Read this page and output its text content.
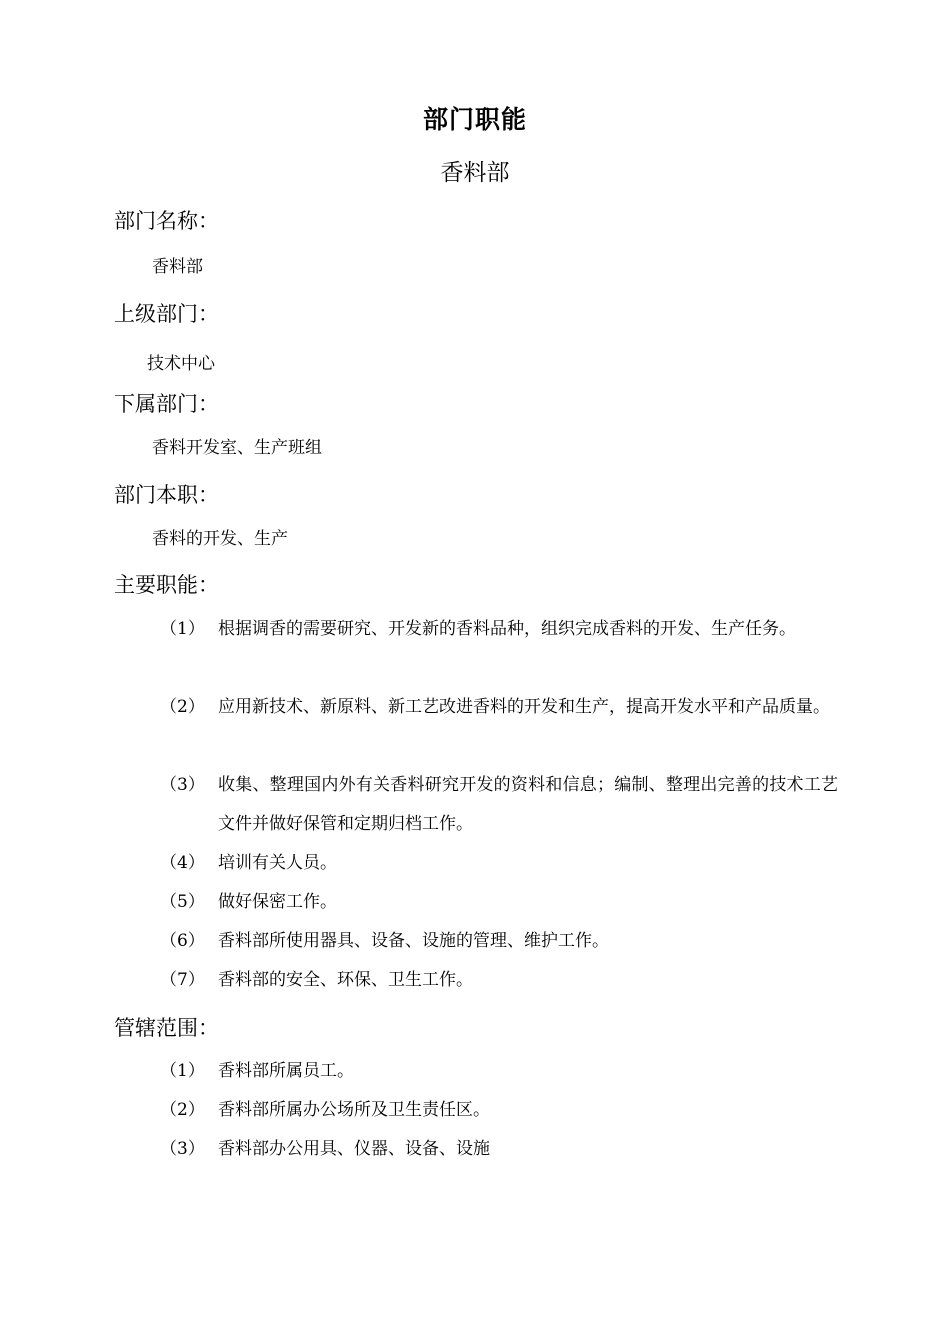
部门职能
香料部
部门名称：

香料部

上级部门：

技术中心

下属部门：

香料开发室、生产班组

部门本职：

香料的开发、生产

主要职能：
（1） 根据调香的需要研究、开发新的香料品种，组织完成香料的开发、生产任务。
（2） 应用新技术、新原料、新工艺改进香料的开发和生产，提高开发水平和产品质量。
（3） 收集、整理国内外有关香料研究开发的资料和信息；编制、整理出完善的技术工艺文件并做好保管和定期归档工作。
（4） 培训有关人员。
（5） 做好保密工作。
（6） 香料部所使用器具、设备、设施的管理、维护工作。
（7） 香料部的安全、环保、卫生工作。
管辖范围：
（1） 香料部所属员工。
（2） 香料部所属办公场所及卫生责任区。
（3） 香料部办公用具、仪器、设备、设施
